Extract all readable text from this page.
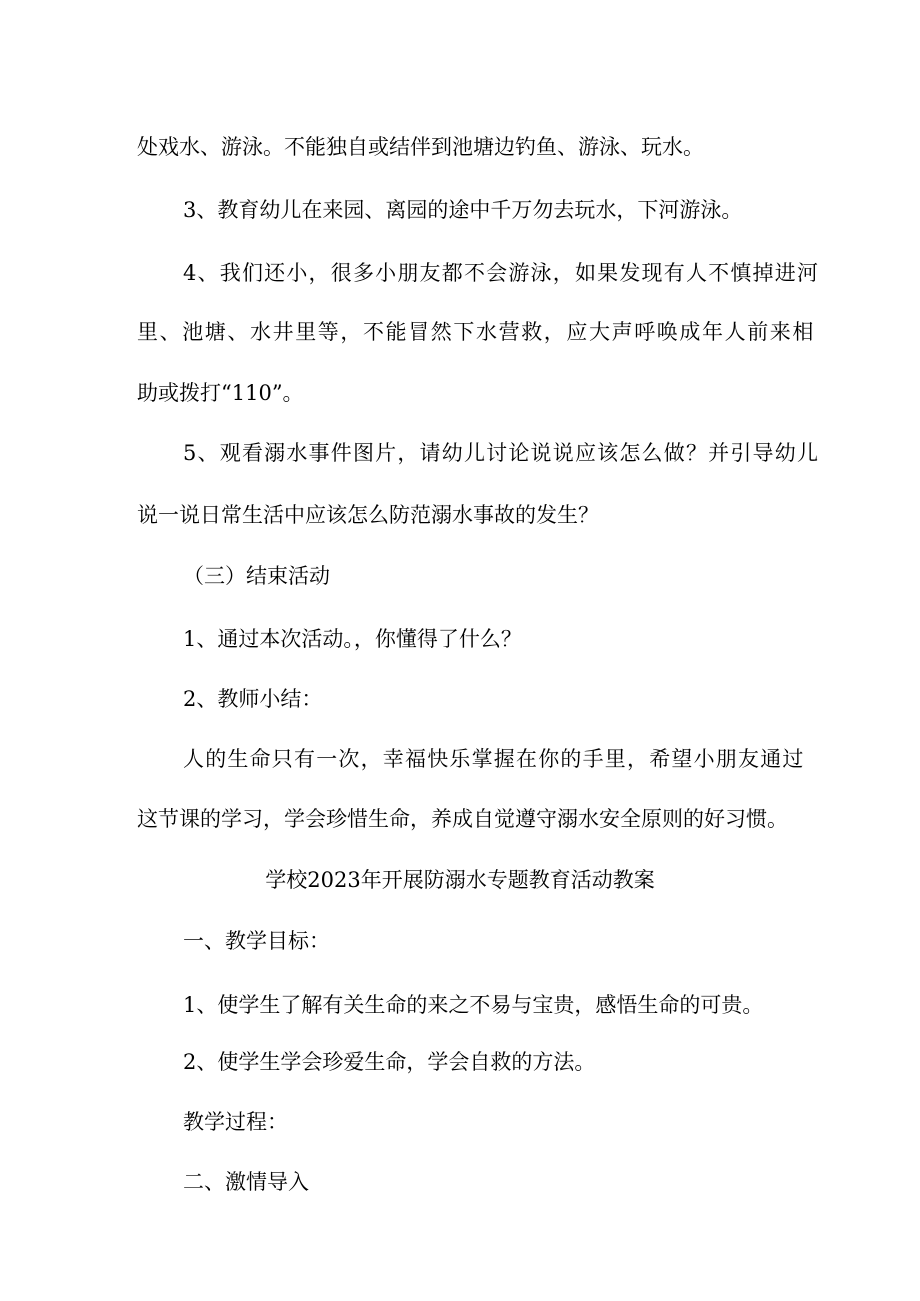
处戏水、游泳。不能独自或结伴到池塘边钓鱼、游泳、玩水。
3、教育幼儿在来园、离园的途中千万勿去玩水，下河游泳。
4、我们还小，很多小朋友都不会游泳，如果发现有人不慎掉进河
里、池塘、水井里等，不能冒然下水营救，应大声呼唤成年人前来相
助或拨打“110”。
5、观看溺水事件图片，请幼儿讨论说说应该怎么做？并引导幼儿
说一说日常生活中应该怎么防范溺水事故的发生？
（三）结束活动
1、通过本次活动。，你懂得了什么？
2、教师小结：
人的生命只有一次，幸福快乐掌握在你的手里，希望小朋友通过
这节课的学习，学会珍惜生命，养成自觉遵守溺水安全原则的好习惯。
学校2023年开展防溺水专题教育活动教案
一、教学目标：
1、使学生了解有关生命的来之不易与宝贵，感悟生命的可贵。
2、使学生学会珍爱生命，学会自救的方法。
教学过程：
二、激情导入
